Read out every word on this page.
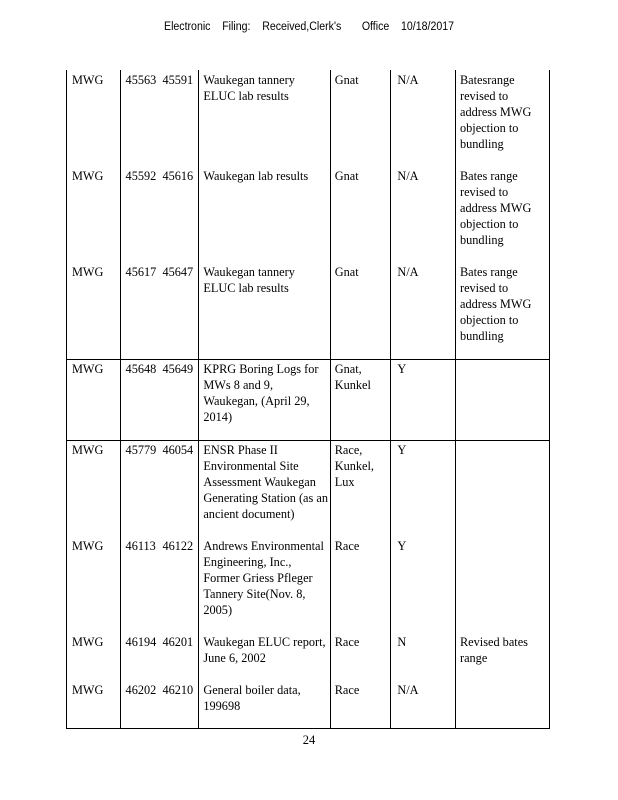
Electronic    Filing:    Received,Clerk's       Office    10/18/2017
MWG	45563	45591	Waukegan tannery ELUC lab results	Gnat	N/A	Batesrange revised to address MWG objection to bundling
MWG	45592	45616	Waukegan lab results	Gnat	N/A	Bates range revised to address MWG objection to bundling
MWG	45617	45647	Waukegan tannery ELUC lab results	Gnat	N/A	Bates range revised to address MWG objection to bundling
MWG	45648	45649	KPRG Boring Logs for MWs 8 and 9, Waukegan, (April 29, 2014)	Gnat, Kunkel	Y	
MWG	45779	46054	ENSR Phase II Environmental Site Assessment Waukegan Generating Station (as an ancient document)	Race, Kunkel, Lux	Y	
MWG	46113	46122	Andrews Environmental Engineering, Inc., Former Griess Pfleger Tannery Site(Nov. 8, 2005)	Race	Y	
MWG	46194	46201	Waukegan ELUC report, June 6, 2002	Race	N	Revised bates range
MWG	46202	46210	General boiler data, 199698	Race	N/A	
24
